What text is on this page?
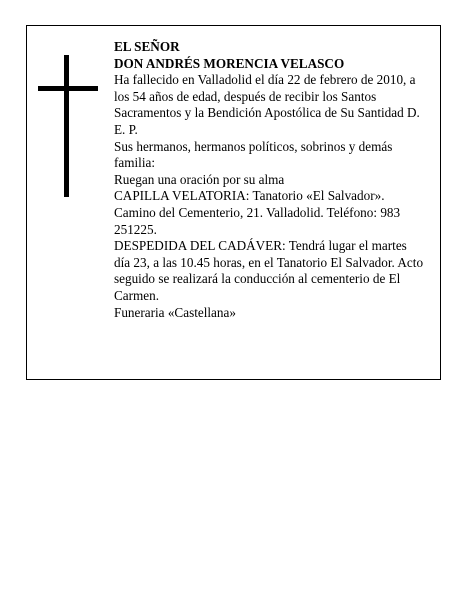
EL SEÑOR
DON ANDRÉS MORENCIA VELASCO
Ha fallecido en Valladolid el día 22 de febrero de 2010, a los 54 años de edad, después de recibir los Santos Sacramentos y la Bendición Apostólica de Su Santidad D. E. P.
Sus hermanos, hermanos políticos, sobrinos y demás familia:
Ruegan una oración por su alma
CAPILLA VELATORIA: Tanatorio «El Salvador». Camino del Cementerio, 21. Valladolid. Teléfono: 983 251225.
DESPEDIDA DEL CADÁVER: Tendrá lugar el martes día 23, a las 10.45 horas, en el Tanatorio El Salvador. Acto seguido se realizará la conducción al cementerio de El Carmen.
Funeraria «Castellana»
